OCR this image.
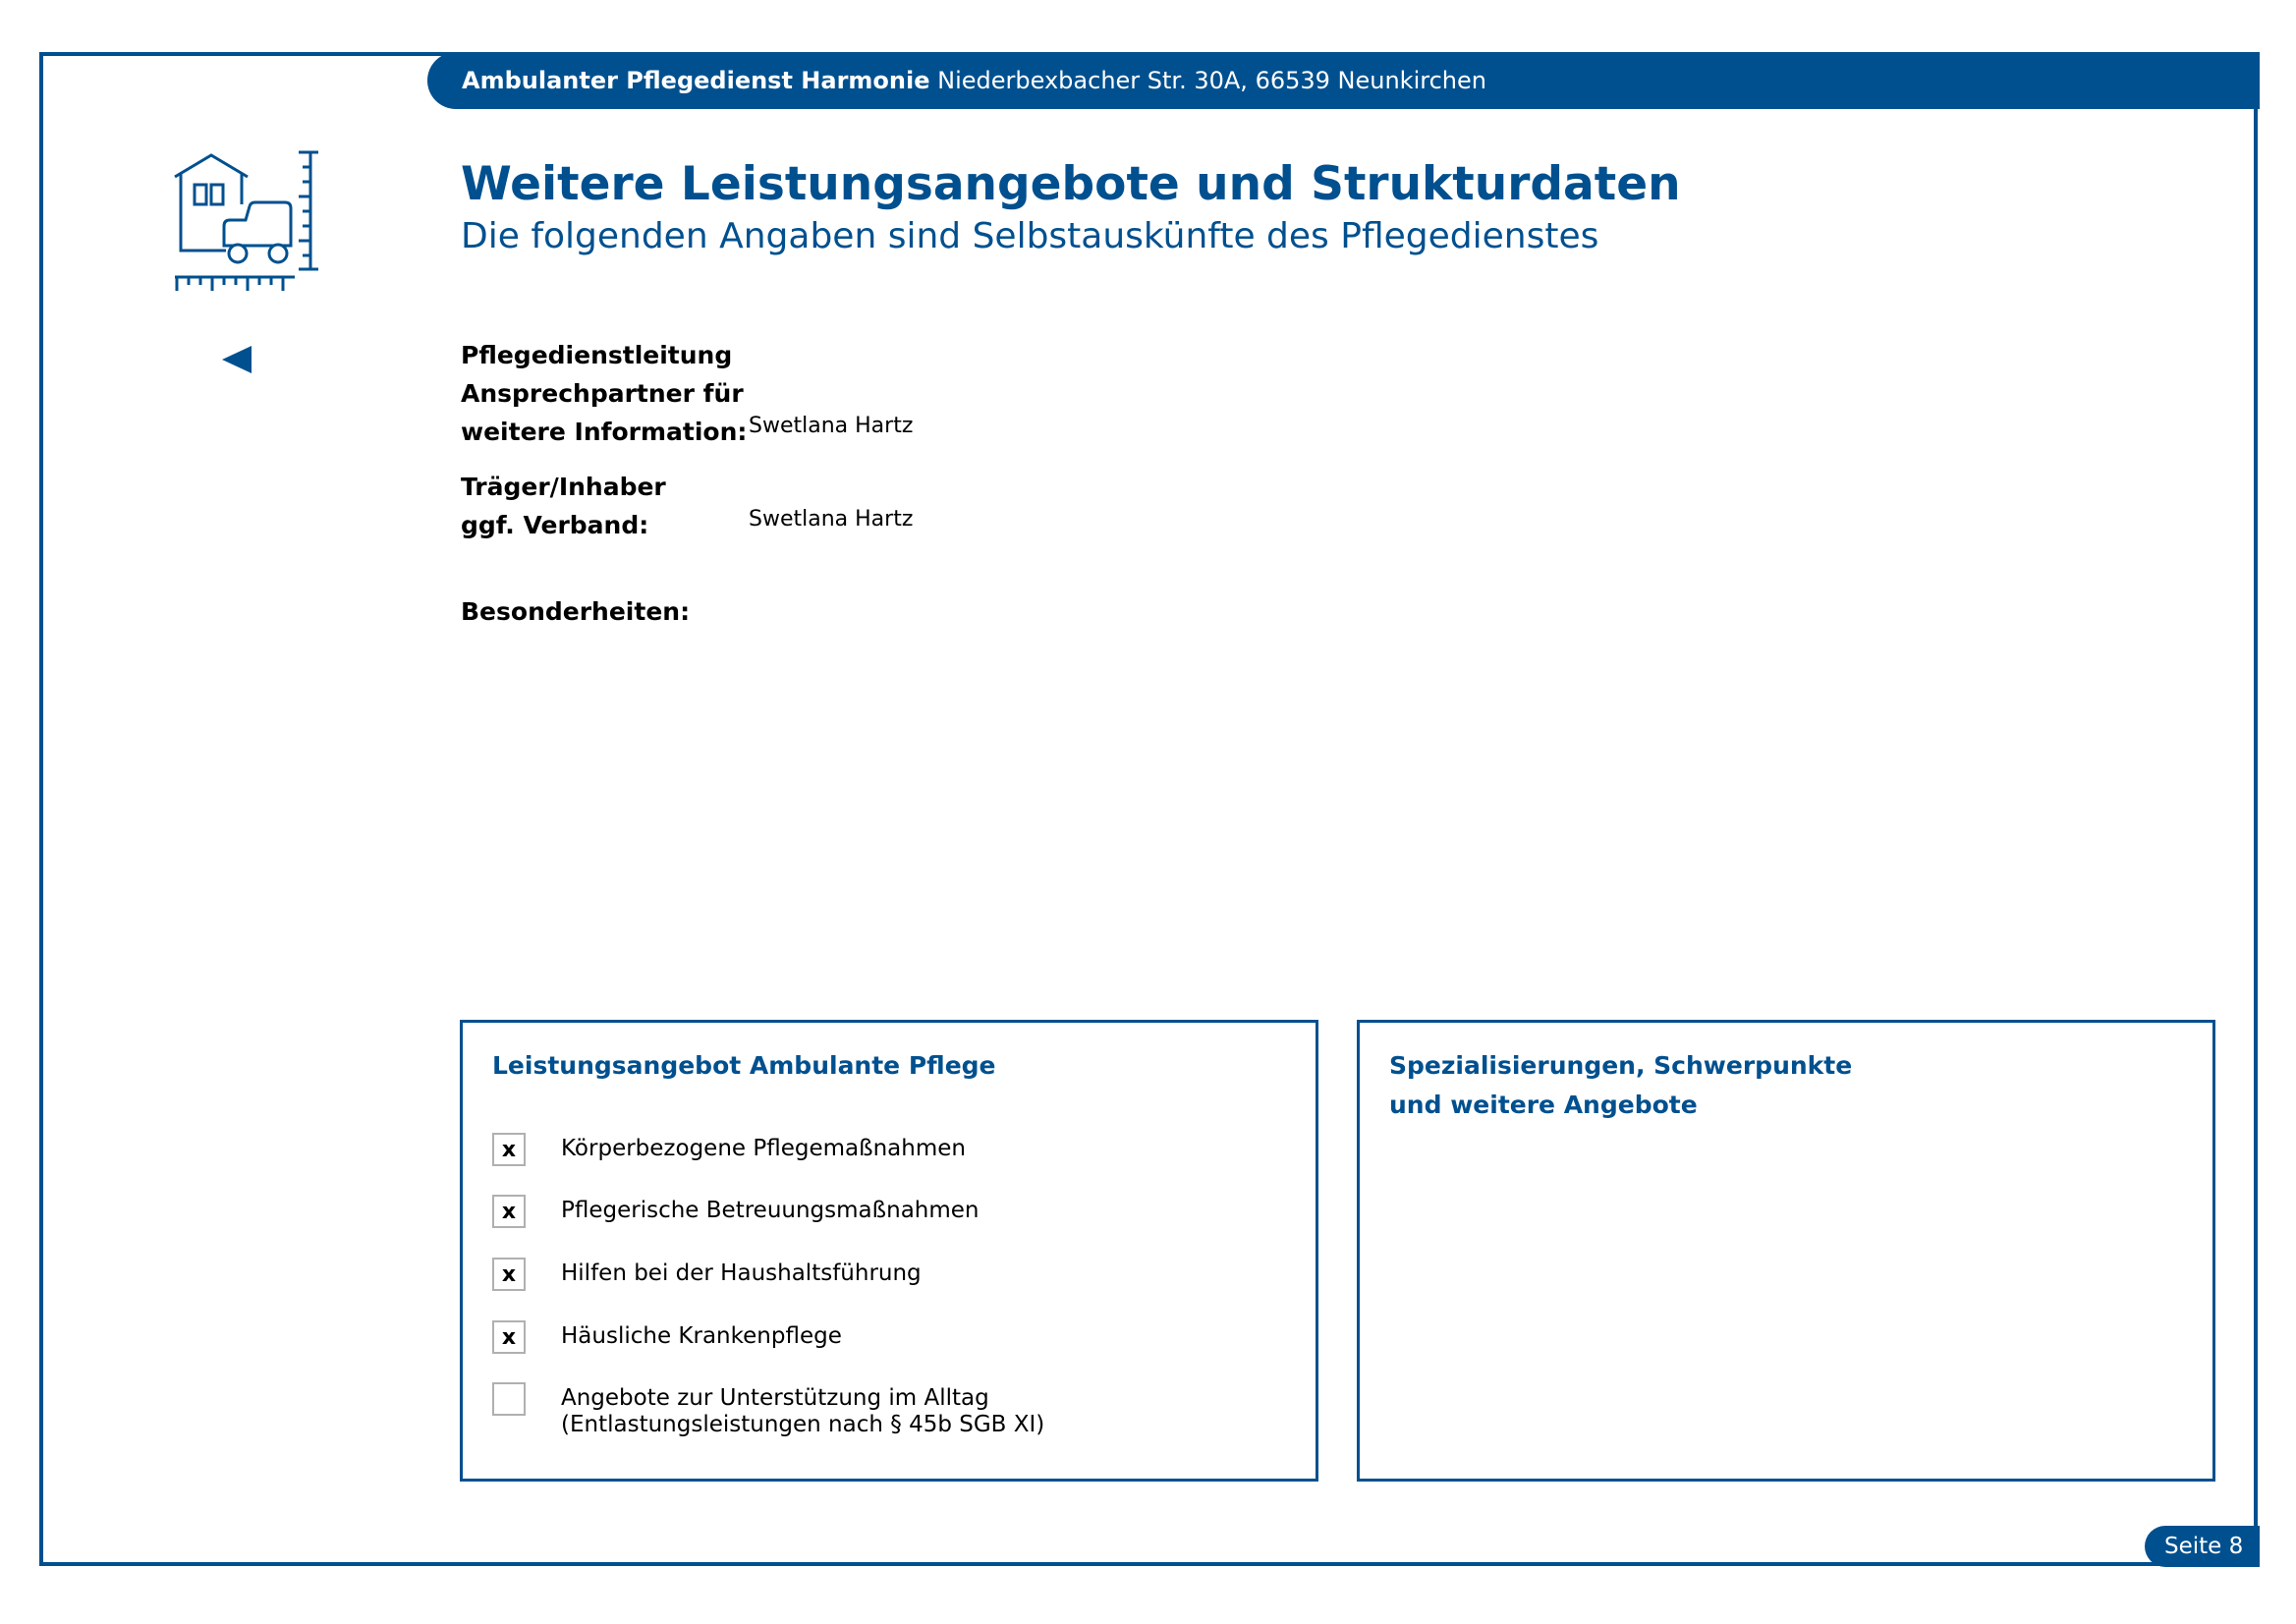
Ambulanter Pflegedienst Harmonie Niederbexbacher Str. 30A, 66539 Neunkirchen
Weitere Leistungsangebote und Strukturdaten
Die folgenden Angaben sind Selbstauskünfte des Pflegedienstes
Pflegedienstleitung
Ansprechpartner für
weitere Information: Swetlana Hartz
Träger/Inhaber
ggf. Verband:	Swetlana Hartz
Besonderheiten:
Leistungsangebot Ambulante Pflege
x	Körperbezogene Pflegemaßnahmen
x	Pflegerische Betreuungsmaßnahmen
x	Hilfen bei der Haushaltsführung
x	Häusliche Krankenpflege
Angebote zur Unterstützung im Alltag
(Entlastungsleistungen nach § 45b SGB XI)
Spezialisierungen, Schwerpunkte
und weitere Angebote
Seite 8
